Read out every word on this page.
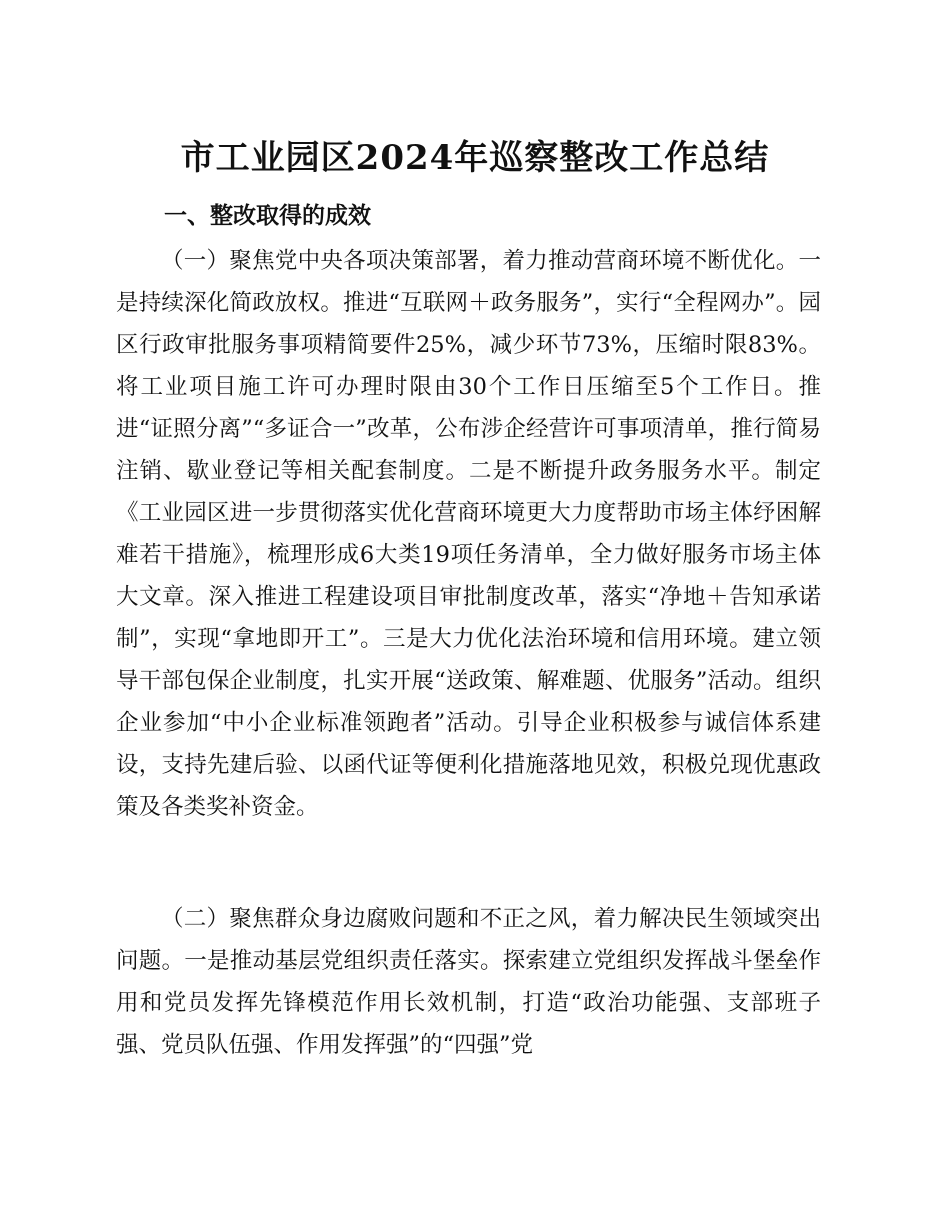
市工业园区2024年巡察整改工作总结
一、整改取得的成效

（一）聚焦党中央各项决策部署，着力推动营商环境不断优化。一是持续深化简政放权。推进“互联网＋政务服务”，实行“全程网办”。园区行政审批服务事项精简要件25%，减少环节73%，压缩时限83%。将工业项目施工许可办理时限由30个工作日压缩至5个工作日。推进“证照分离”“多证合一”改革，公布涉企经营许可事项清单，推行简易注销、歇业登记等相关配套制度。二是不断提升政务服务水平。制定《工业园区进一步贯彻落实优化营商环境更大力度帮助市场主体纾困解难若干措施》，梳理形成6大类19项任务清单，全力做好服务市场主体大文章。深入推进工程建设项目审批制度改革，落实“净地＋告知承诺制”，实现“拿地即开工”。三是大力优化法治环境和信用环境。建立领导干部包保企业制度，扎实开展“送政策、解难题、优服务”活动。组织企业参加“中小企业标准领跑者”活动。引导企业积极参与诚信体系建设，支持先建后验、以函代证等便利化措施落地见效，积极兑现优惠政策及各类奖补资金。

（二）聚焦群众身边腐败问题和不正之风，着力解决民生领域突出问题。一是推动基层党组织责任落实。探索建立党组织发挥战斗堡垒作用和党员发挥先锋模范作用长效机制，打造“政治功能强、支部班子强、党员队伍强、作用发挥强”的“四强”党
